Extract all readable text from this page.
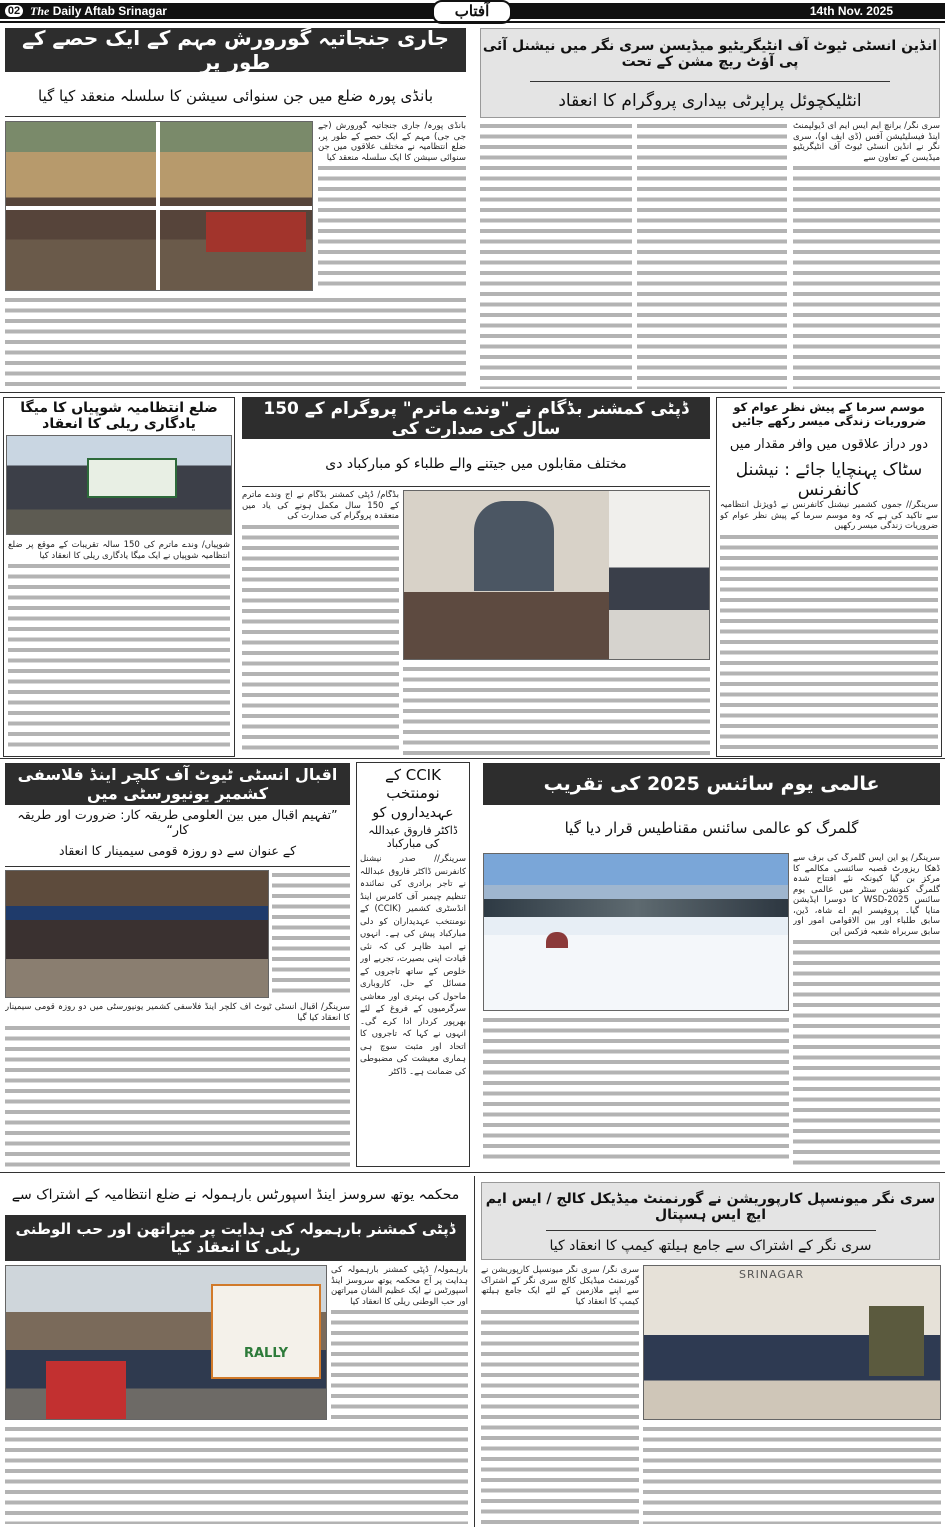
02 The Daily Aftab Srinagar	آفتاب	14th Nov. 2025
جاری جنجاتیہ گورورش مہم کے ایک حصے کے طور پر
بانڈی پورہ ضلع میں جن سنوائی سیشن کا سلسلہ منعقد کیا گیا
بانڈی پورہ/ جاری جنجاتیہ گورورش (جے جی جی) مہم کے ایک حصے کے طور پر، ضلع انتظامیہ نے مختلف علاقوں میں جن سنوائی سیشن کا ایک سلسلہ منعقد کیا
انڈین انسٹی ٹیوٹ آف انٹیگریٹیو میڈیسن سری نگر میں نیشنل آئی پی آؤٹ ریچ مشن کے تحت
انٹلیکچوئل پراپرٹی بیداری پروگرام کا انعقاد
سری نگر/ برانچ ایم ایس ایم ای ڈیولپمنٹ اینڈ فیسلیٹیشن آفس (ڈی ایف او)، سری نگر نے انڈین انسٹی ٹیوٹ آف انٹیگریٹیو میڈیسن کے تعاون سے
ضلع انتظامیہ شوپیاں کا میگا یادگاری ریلی کا انعقاد
شوپیاں/ وندے ماترم کی 150 سالہ تقریبات کے موقع پر ضلع انتظامیہ شوپیاں نے ایک میگا یادگاری ریلی کا انعقاد کیا
ڈپٹی کمشنر بڈگام نے "وندے ماترم" پروگرام کے 150 سال کی صدارت کی
مختلف مقابلوں میں جیتنے والے طلباء کو مبارکباد دی
بڈگام/ ڈپٹی کمشنر بڈگام نے آج وندے ماترم کے 150 سال مکمل ہونے کی یاد میں منعقدہ پروگرام کی صدارت کی
موسم سرما کے پیش نظر عوام کو ضروریات زندگی میسر رکھے جائیں
دور دراز علاقوں میں وافر مقدار میں
سٹاک پہنچایا جائے : نیشنل کانفرنس
سرینگر// جموں کشمیر نیشنل کانفرنس نے ڈویژنل انتظامیہ سے تاکید کی ہے کہ وہ موسم سرما کے پیش نظر عوام کو ضروریات زندگی میسر رکھیں
اقبال انسٹی ٹیوٹ آف کلچر اینڈ فلاسفی کشمیر یونیورسٹی میں
”تفہیم اقبال میں بین العلومی طریقہ کار: ضرورت اور طریقہ کار“
کے عنوان سے دو روزہ قومی سیمینار کا انعقاد
سرینگر/ اقبال انسٹی ٹیوٹ آف کلچر اینڈ فلاسفی کشمیر یونیورسٹی میں دو روزہ قومی سیمینار کا انعقاد کیا گیا
CCIK کے نومنتخب
عہدیداروں کو
ڈاکٹر فاروق عبداللہ کی مبارکباد
سرینگر// صدر نیشنل کانفرنس ڈاکٹر فاروق عبداللہ نے تاجر برادری کی نمائندہ تنظیم چیمبر آف کامرس اینڈ انڈسٹری کشمیر (CCIK) کے نومنتخب عہدیداران کو دلی مبارکباد پیش کی ہے۔ انہوں نے امید ظاہر کی کہ نئی قیادت اپنی بصیرت، تجربے اور خلوص کے ساتھ تاجروں کے مسائل کے حل، کاروباری ماحول کی بہتری اور معاشی سرگرمیوں کے فروغ کے لئے بھرپور کردار ادا کرے گی۔ انہوں نے کہا کہ تاجروں کا اتحاد اور مثبت سوچ ہی ہماری معیشت کی مضبوطی کی ضمانت ہے۔ ڈاکٹر
عالمی یوم سائنس 2025 کی تقریب
گلمرگ کو عالمی سائنس مقناطیس قرار دیا گیا
سرینگر/ یو این ایس گلمرگ کی برف سے ڈھکا ریزورٹ قصبہ سائنسی مکالمے کا مرکز بن گیا کیونکہ نئے افتتاح شدہ گلمرگ کنونشن سنٹر میں عالمی یوم سائنس WSD-2025 کا دوسرا ایڈیشن منایا گیا۔ پروفیسر ایم اے شاہ، ڈین، سابق طلباء اور بین الاقوامی امور اور سابق سربراہ شعبہ فزکس این
محکمہ یوتھ سروسز اینڈ اسپورٹس بارہمولہ نے ضلع انتظامیہ کے اشتراک سے
ڈپٹی کمشنر بارہمولہ کی ہدایت پر میراتھن اور حب الوطنی ریلی کا انعقاد کیا
RALLY
بارہمولہ/ ڈپٹی کمشنر بارہمولہ کی ہدایت پر آج محکمہ یوتھ سروسز اینڈ اسپورٹس نے ایک عظیم الشان میراتھن اور حب الوطنی ریلی کا انعقاد کیا
سری نگر میونسپل کارپوریشن نے گورنمنٹ میڈیکل کالج / ایس ایم ایچ ایس ہسپتال
سری نگر کے اشتراک سے جامع ہیلتھ کیمپ کا انعقاد کیا
سری نگر/ سری نگر میونسپل کارپوریشن نے گورنمنٹ میڈیکل کالج سری نگر کے اشتراک سے اپنے ملازمین کے لئے ایک جامع ہیلتھ کیمپ کا انعقاد کیا
SRINAGAR
